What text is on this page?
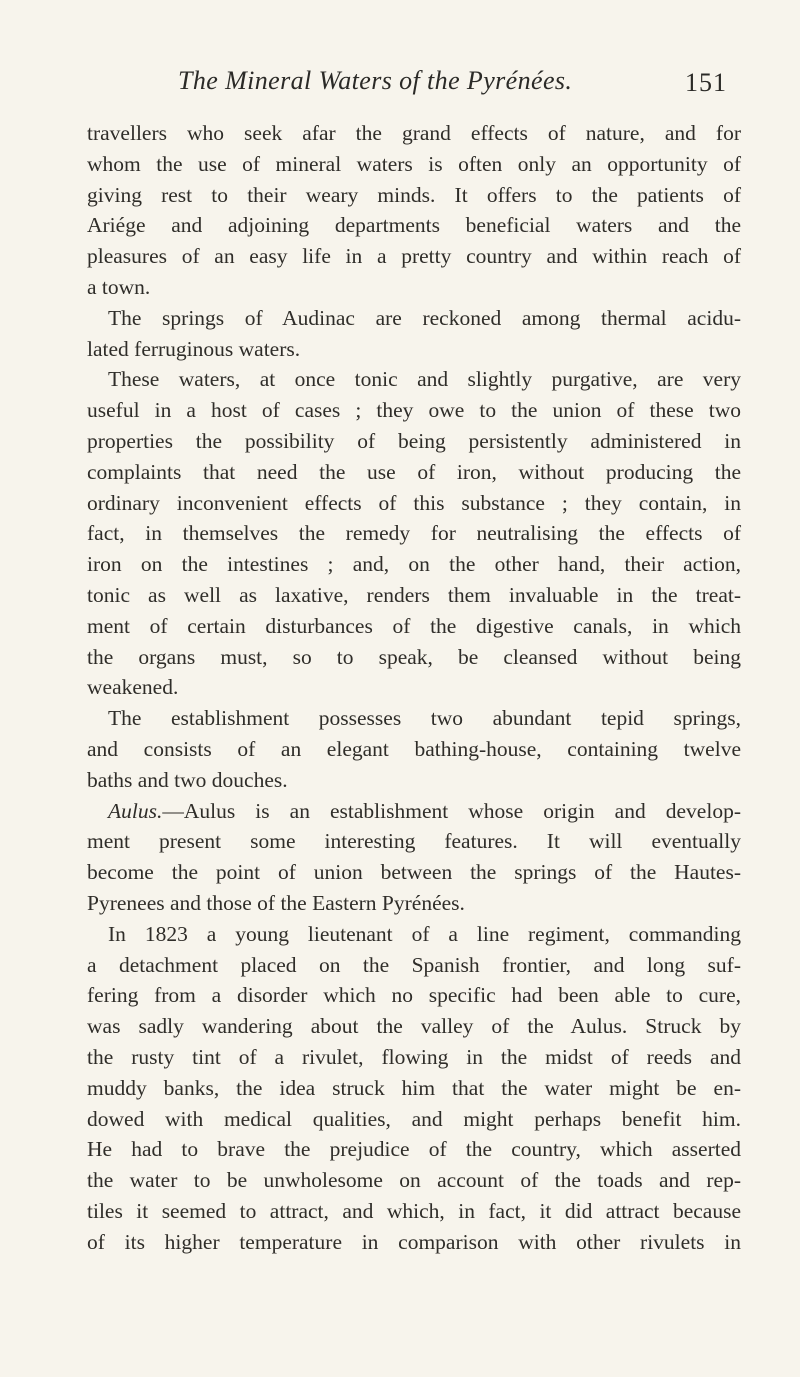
The Mineral Waters of the Pyrénées.	151
travellers who seek afar the grand effects of nature, and for
whom the use of mineral waters is often only an opportunity of
giving rest to their weary minds. It offers to the patients of
Ariége and adjoining departments beneficial waters and the
pleasures of an easy life in a pretty country and within reach of
a town.
The springs of Audinac are reckoned among thermal acidu-
lated ferruginous waters.
These waters, at once tonic and slightly purgative, are very
useful in a host of cases ; they owe to the union of these two
properties the possibility of being persistently administered in
complaints that need the use of iron, without producing the
ordinary inconvenient effects of this substance ; they contain, in
fact, in themselves the remedy for neutralising the effects of
iron on the intestines ; and, on the other hand, their action,
tonic as well as laxative, renders them invaluable in the treat-
ment of certain disturbances of the digestive canals, in which
the organs must, so to speak, be cleansed without being
weakened.
The establishment possesses two abundant tepid springs,
and consists of an elegant bathing-house, containing twelve
baths and two douches.
Aulus.—Aulus is an establishment whose origin and develop-
ment present some interesting features. It will eventually
become the point of union between the springs of the Hautes-
Pyrenees and those of the Eastern Pyrénées.
In 1823 a young lieutenant of a line regiment, commanding
a detachment placed on the Spanish frontier, and long suf-
fering from a disorder which no specific had been able to cure,
was sadly wandering about the valley of the Aulus. Struck by
the rusty tint of a rivulet, flowing in the midst of reeds and
muddy banks, the idea struck him that the water might be en-
dowed with medical qualities, and might perhaps benefit him.
He had to brave the prejudice of the country, which asserted
the water to be unwholesome on account of the toads and rep-
tiles it seemed to attract, and which, in fact, it did attract because
of its higher temperature in comparison with other rivulets in
